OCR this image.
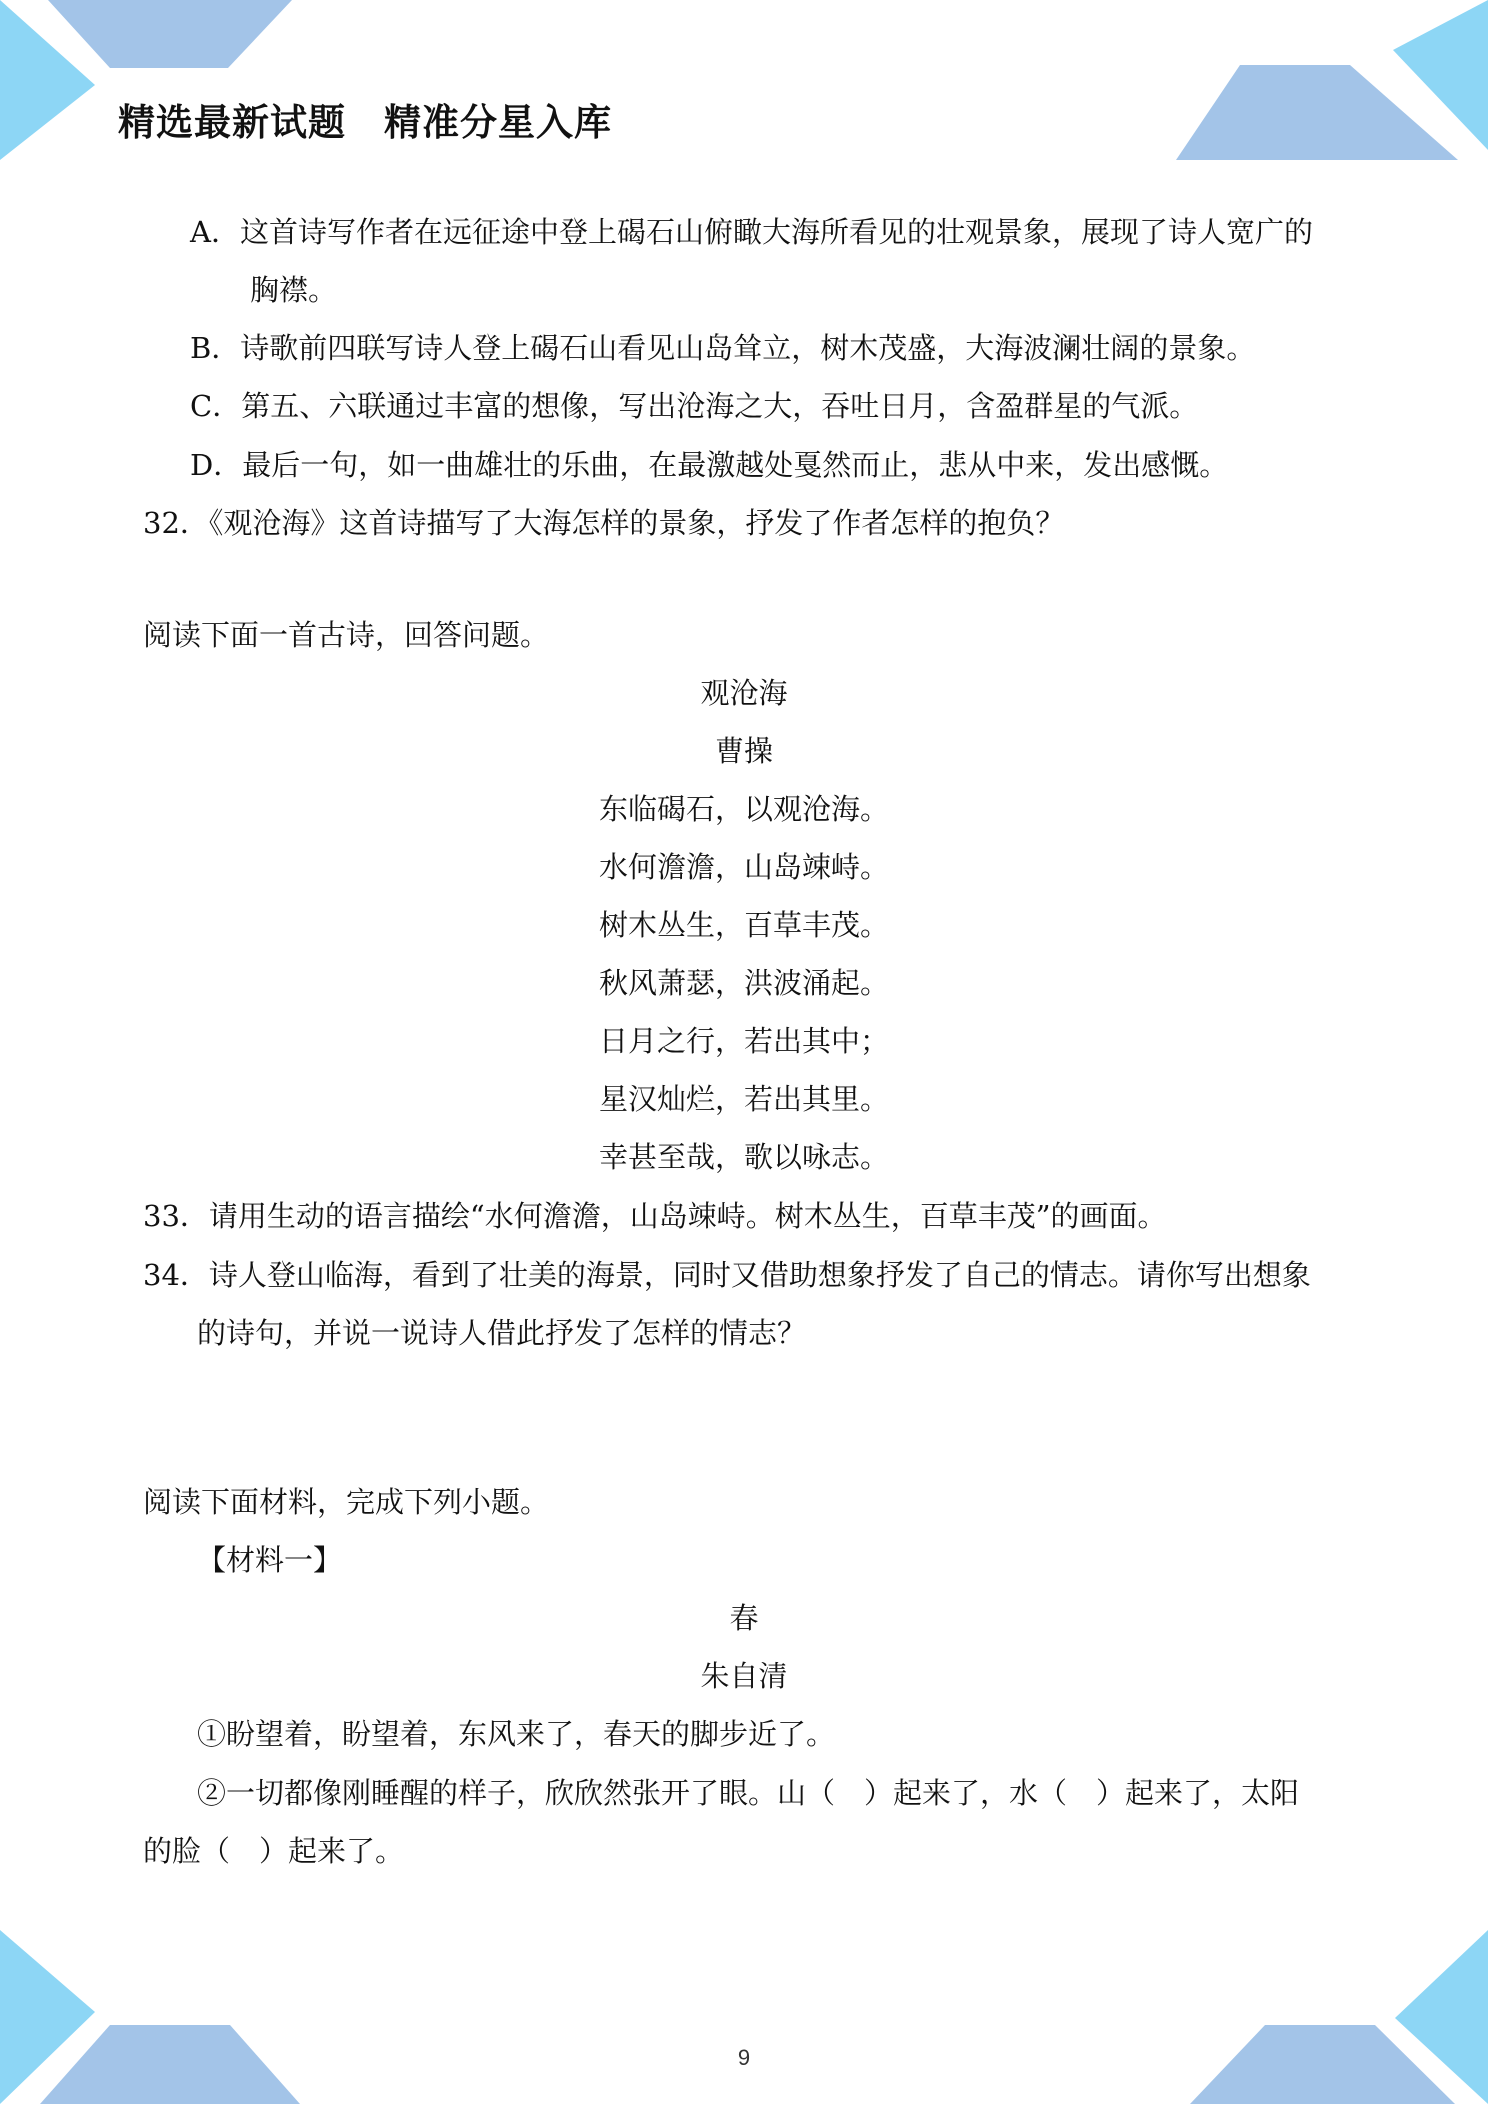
精选最新试题　精准分星入库
A．这首诗写作者在远征途中登上碣石山俯瞰大海所看见的壮观景象，展现了诗人宽广的
胸襟。
B．诗歌前四联写诗人登上碣石山看见山岛耸立，树木茂盛，大海波澜壮阔的景象。
C．第五、六联通过丰富的想像，写出沧海之大，吞吐日月，含盈群星的气派。
D．最后一句，如一曲雄壮的乐曲，在最激越处戛然而止，悲从中来，发出感慨。
32．《观沧海》这首诗描写了大海怎样的景象，抒发了作者怎样的抱负？
阅读下面一首古诗，回答问题。
观沧海
曹操
东临碣石，以观沧海。
水何澹澹，山岛竦峙。
树木丛生，百草丰茂。
秋风萧瑟，洪波涌起。
日月之行，若出其中；
星汉灿烂，若出其里。
幸甚至哉，歌以咏志。
33．请用生动的语言描绘“水何澹澹，山岛竦峙。树木丛生，百草丰茂”的画面。
34．诗人登山临海，看到了壮美的海景，同时又借助想象抒发了自己的情志。请你写出想象
的诗句，并说一说诗人借此抒发了怎样的情志？
阅读下面材料，完成下列小题。
【材料一】
春
朱自清
①盼望着，盼望着，东风来了，春天的脚步近了。
②一切都像刚睡醒的样子，欣欣然张开了眼。山（　）起来了，水（　）起来了，太阳
的脸（　）起来了。
9
